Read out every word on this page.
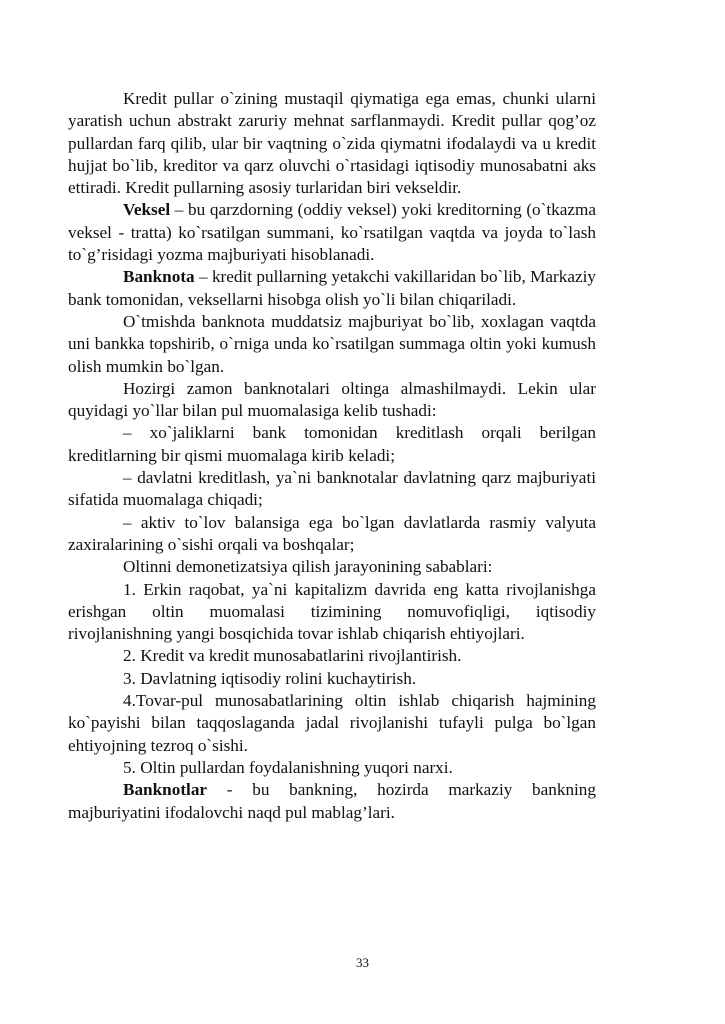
Kredit pullar o`zining mustaqil qiymatiga ega emas, chunki ularni yaratish uchun abstrakt zaruriy mehnat sarflanmaydi. Kredit pullar qog’oz pullardan farq qilib, ular bir vaqtning o`zida qiymatni ifodalaydi va u kredit hujjat bo`lib, kreditor va qarz oluvchi o`rtasidagi iqtisodiy munosabatni aks ettiradi. Kredit pullarning asosiy turlaridan biri vekseldir.

Veksel – bu qarzdorning (oddiy veksel) yoki kreditorning (o`tkazma veksel - tratta) ko`rsatilgan summani, ko`rsatilgan vaqtda va joyda to`lash to`g’risidagi yozma majburiyati hisoblanadi.

Banknota – kredit pullarning yetakchi vakillaridan bo`lib, Markaziy bank tomonidan, veksellarni hisobga olish yo`li bilan chiqariladi.

O`tmishda banknota muddatsiz majburiyat bo`lib, xoxlagan vaqtda uni bankka topshirib, o`rniga unda ko`rsatilgan summaga oltin yoki kumush olish mumkin bo`lgan.

Hozirgi zamon banknotalari oltinga almashilmaydi. Lekin ular quyidagi yo`llar bilan pul muomalasiga kelib tushadi:

– xo`jaliklarni bank tomonidan kreditlash orqali berilgan kreditlarning bir qismi muomalaga kirib keladi;

– davlatni kreditlash, ya`ni banknotalar davlatning qarz majburiyati sifatida muomalaga chiqadi;

– aktiv to`lov balansiga ega bo`lgan davlatlarda rasmiy valyuta zaxiralarining o`sishi orqali va boshqalar;

Oltinni demonetizatsiya qilish jarayonining sabablari:

1. Erkin raqobat, ya`ni kapitalizm davrida eng katta rivojlanishga erishgan oltin muomalasi tizimining nomuvofiqligi, iqtisodiy rivojlanishning yangi bosqichida tovar ishlab chiqarish ehtiyojlari.

2. Kredit va kredit munosabatlarini rivojlantirish.

3. Davlatning iqtisodiy rolini kuchaytirish.

4.Tovar-pul munosabatlarining oltin ishlab chiqarish hajmining ko`payishi bilan taqqoslaganda jadal rivojlanishi tufayli pulga bo`lgan ehtiyojning tezroq o`sishi.

5. Oltin pullardan foydalanishning yuqori narxi.

Banknotlar - bu bankning, hozirda markaziy bankning majburiyatini ifodalovchi naqd pul mablag’lari.

33
